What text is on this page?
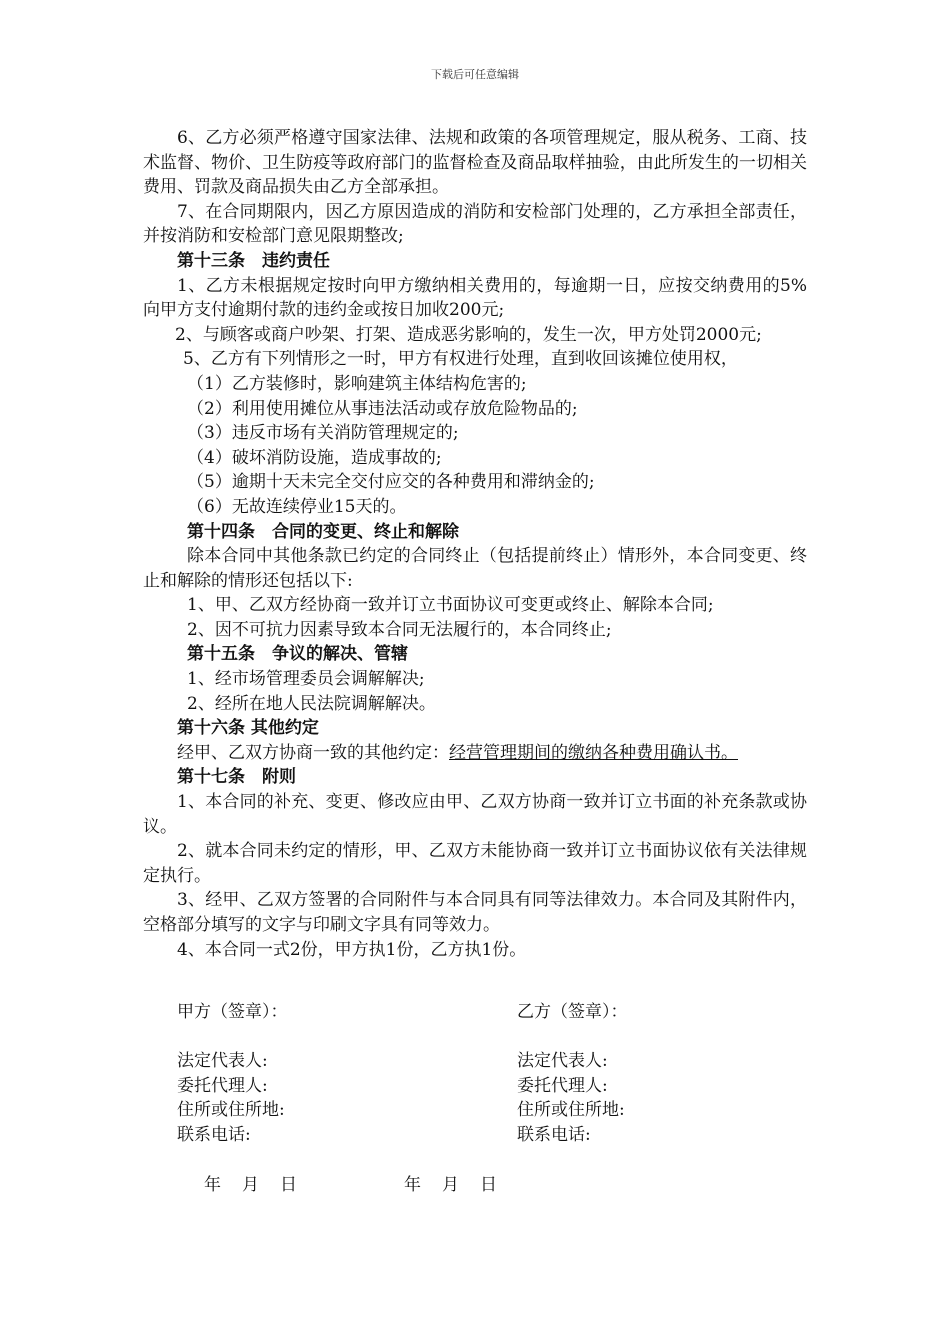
下载后可任意编辑

6、乙方必须严格遵守国家法律、法规和政策的各项管理规定，服从税务、工商、技术监督、物价、卫生防疫等政府部门的监督检查及商品取样抽验，由此所发生的一切相关费用、罚款及商品损失由乙方全部承担。

7、在合同期限内，因乙方原因造成的消防和安检部门处理的，乙方承担全部责任，并按消防和安检部门意见限期整改;

第十三条　违约责任

1、乙方未根据规定按时向甲方缴纳相关费用的，每逾期一日，应按交纳费用的5%向甲方支付逾期付款的违约金或按日加收200元;

2、与顾客或商户吵架、打架、造成恶劣影响的，发生一次，甲方处罚2000元;

5、乙方有下列情形之一时，甲方有权进行处理，直到收回该摊位使用权，

（1）乙方装修时，影响建筑主体结构危害的;

（2）利用使用摊位从事违法活动或存放危险物品的;

（3）违反市场有关消防管理规定的;

（4）破坏消防设施，造成事故的;

（5）逾期十天未完全交付应交的各种费用和滞纳金的;

（6）无故连续停业15天的。

第十四条　合同的变更、终止和解除

除本合同中其他条款已约定的合同终止（包括提前终止）情形外，本合同变更、终止和解除的情形还包括以下:

1、甲、乙双方经协商一致并订立书面协议可变更或终止、解除本合同;

2、因不可抗力因素导致本合同无法履行的，本合同终止;

第十五条　争议的解决、管辖

1、经市场管理委员会调解解决;

2、经所在地人民法院调解解决。

第十六条 其他约定

经甲、乙双方协商一致的其他约定：经营管理期间的缴纳各种费用确认书。

第十七条　附则

1、本合同的补充、变更、修改应由甲、乙双方协商一致并订立书面的补充条款或协议。

2、就本合同未约定的情形，甲、乙双方未能协商一致并订立书面协议依有关法律规定执行。

3、经甲、乙双方签署的合同附件与本合同具有同等法律效力。本合同及其附件内，空格部分填写的文字与印刷文字具有同等效力。

4、本合同一式2份，甲方执1份，乙方执1份。

甲方（签章）：	乙方（签章）：
法定代表人:	法定代表人:
委托代理人:	委托代理人:
住所或住所地:	住所或住所地:
联系电话:	联系电话:
年	月	日	年	月	日
